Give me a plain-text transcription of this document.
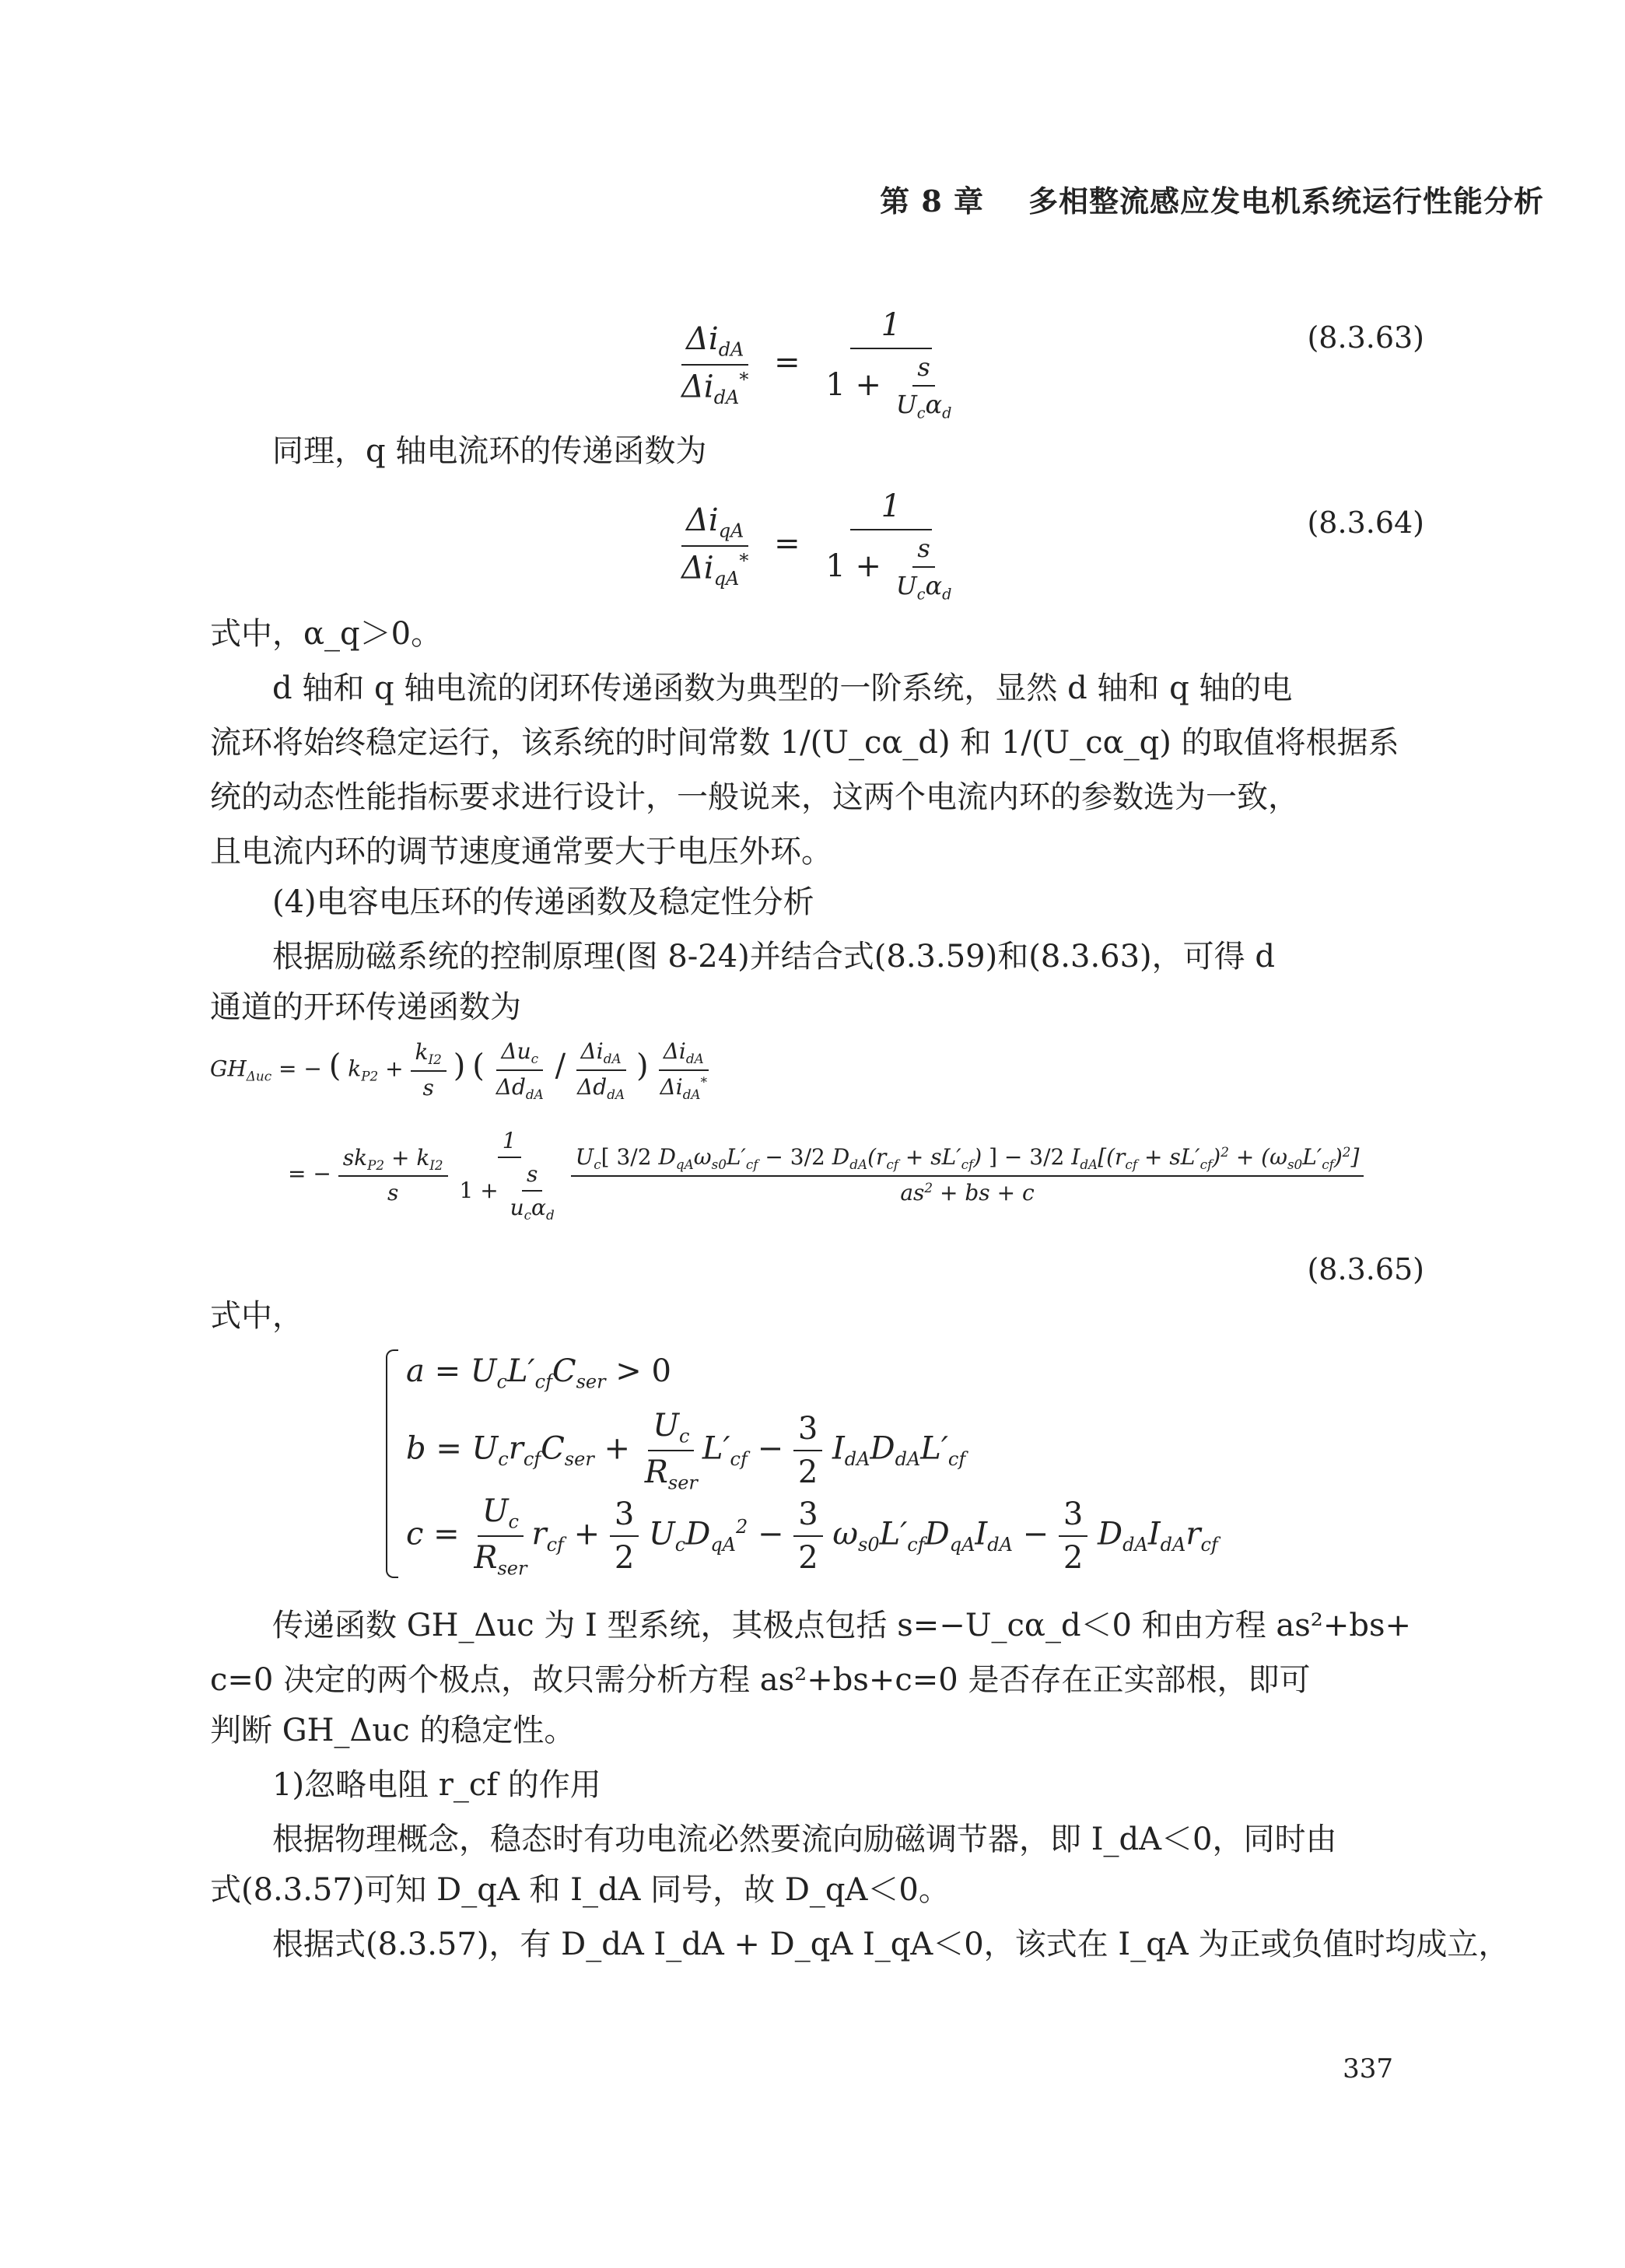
第 8 章 多相整流感应发电机系统运行性能分析
$\frac{\Delta i_{dA}}{\Delta i_{dA}^*} = \frac{1}{1 + \frac{s}{U_c\alpha_d}}$	(8.3.63)
同理，q 轴电流环的传递函数为
$\frac{\Delta i_{qA}}{\Delta i_{qA}^*} = \frac{1}{1 + \frac{s}{U_c\alpha_d}}$	(8.3.64)
式中，α_q＞0。
d 轴和 q 轴电流的闭环传递函数为典型的一阶系统，显然 d 轴和 q 轴的电
流环将始终稳定运行，该系统的时间常数 1/(U_cα_d) 和 1/(U_cα_q) 的取值将根据系
统的动态性能指标要求进行设计，一般说来，这两个电流内环的参数选为一致，
且电流内环的调节速度通常要大于电压外环。
(4)电容电压环的传递函数及稳定性分析
根据励磁系统的控制原理(图 8-24)并结合式(8.3.59)和(8.3.63)，可得 d
通道的开环传递函数为
$GH_{\Delta uc}$ = − ( $k_{P2} + \frac{k_{I2}}{s}$ ) ( $\frac{\Delta u_c}{\Delta d_{dA}} / \frac{\Delta i_{dA}}{\Delta d_{dA}}$ ) $\frac{\Delta i_{dA}}{\Delta i_{dA}^*}$
= − $\frac{sk_{P2} + k_{I2}}{s}$
$\frac{1}{1 + \frac{s}{u_c\alpha_d}}$
$U_c$[ 3/2 $D_{qA}\omega_{s0}L'_{cf} - 3/2$ $D_{dA}(r_{cf} + sL'_{cf})$ ] − 3/2 $I_{dA}[(r_{cf} + sL'_{cf})^2 + (\omega_{s0}L'_{cf})^2]$
$as^2$ + bs + c
(8.3.65)
式中，
$a = U_cL'_{cf}C_{ser} > 0$
$b = U_cr_{cf}C_{ser} + \frac{U_c}{R_{ser}} L'_{cf} - \frac{3}{2} I_{dA}D_{dA}L'_{cf}$
$c = \frac{U_c}{R_{ser}} r_{cf} + \frac{3}{2} U_cD_{qA}^2 - \frac{3}{2} \omega_{s0}L'_{cf}D_{qA}I_{dA} - \frac{3}{2} D_{dA}I_{dA}r_{cf}$
传递函数 GH_Δuc 为 I 型系统，其极点包括 s=−U_cα_d＜0 和由方程 as²+bs+
c=0 决定的两个极点，故只需分析方程 as²+bs+c=0 是否存在正实部根，即可
判断 GH_Δuc 的稳定性。
1)忽略电阻 r_cf 的作用
根据物理概念，稳态时有功电流必然要流向励磁调节器，即 I_dA＜0，同时由
式(8.3.57)可知 D_qA 和 I_dA 同号，故 D_qA＜0。
根据式(8.3.57)，有 D_dA I_dA + D_qA I_qA＜0，该式在 I_qA 为正或负值时均成立，
337
